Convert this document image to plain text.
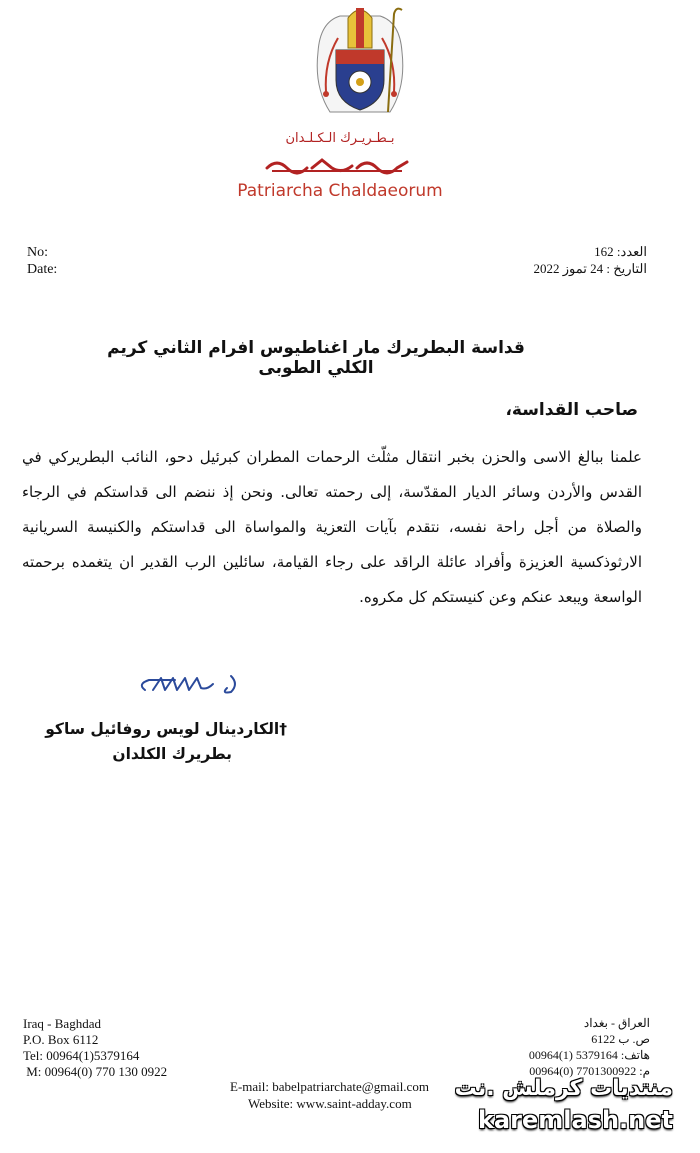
بـطـريـرك الـكـلـدان
Patriarcha Chaldaeorum
No:
Date:
العدد: 162
التاريخ : 24 تموز 2022
قداسة البطريرك مار اغناطيوس افرام الثاني كريم الكلي الطوبى
صاحب القداسة،
علمنا ببالغ الاسى والحزن بخبر انتقال مثلّث الرحمات المطران كبرئيل دحو، النائب البطريركي في القدس والأردن وسائر الديار المقدّسة، إلى رحمته تعالى. ونحن إذ ننضم الى قداستكم في الرجاء والصلاة من أجل راحة نفسه، نتقدم بآيات التعزية والمواساة الى قداستكم والكنيسة السريانية الارثوذكسية العزيزة وأفراد عائلة الراقد على رجاء القيامة، سائلين الرب القدير ان يتغمده برحمته الواسعة ويبعد عنكم وعن كنيستكم كل مكروه.
†الكاردينال لويس روفائيل ساكو
بطريرك الكلدان
Iraq - Baghdad
P.O. Box 6112
Tel: 00964(1)5379164
M: 00964(0) 770 130 0922
العراق - بغداد
ص. ب 6122
هاتف: 5379164 (1)00964
م: 7701300922 (0)00964
E-mail: babelpatriarchate@gmail.com
Website: www.saint-adday.com
منتديات كرملش .نت
karemlash.net
